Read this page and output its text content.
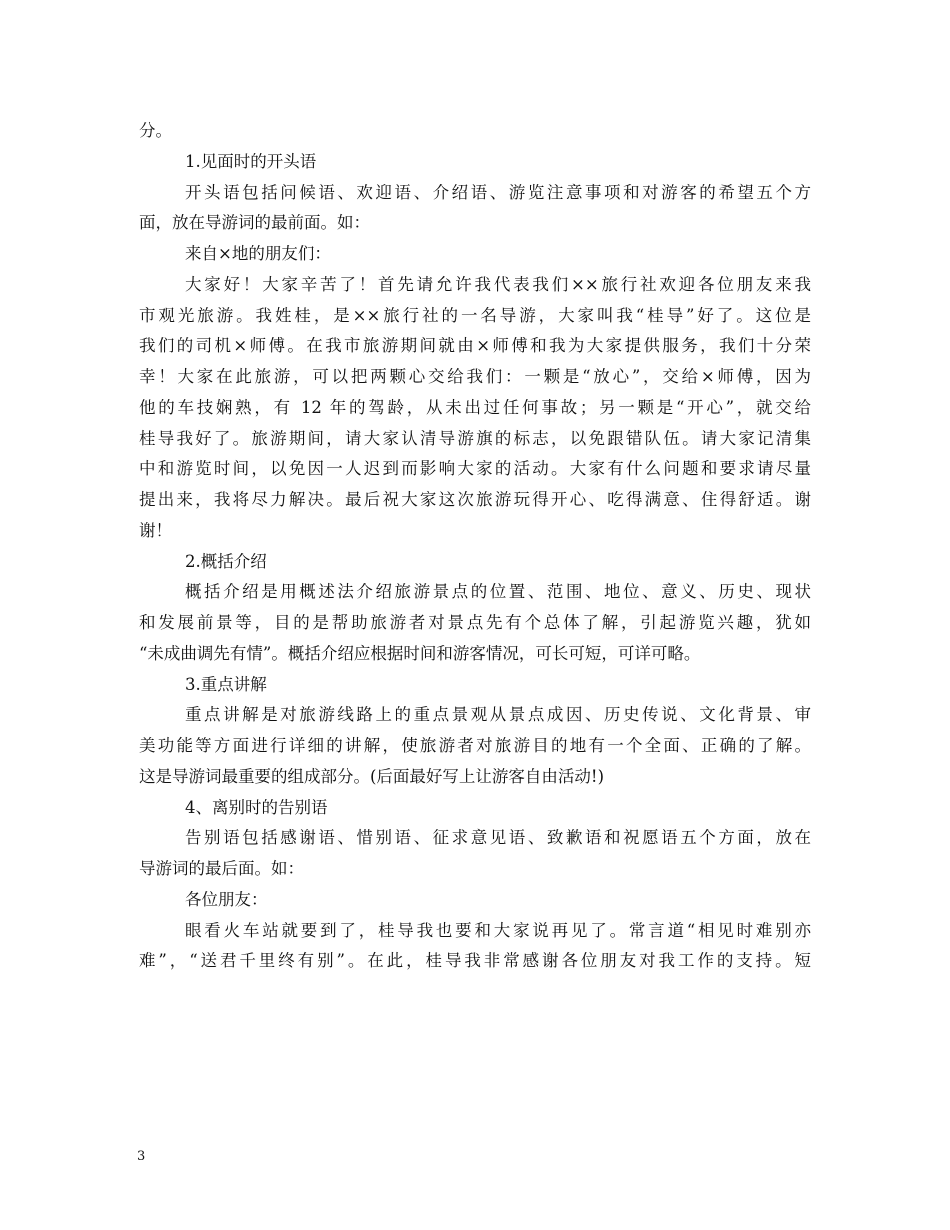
分。
1.见面时的开头语
开头语包括问候语、欢迎语、介绍语、游览注意事项和对游客的希望五个方
面，放在导游词的最前面。如：
来自×地的朋友们：
大家好！大家辛苦了！首先请允许我代表我们××旅行社欢迎各位朋友来我
市观光旅游。我姓桂，是××旅行社的一名导游，大家叫我“桂导”好了。这位是
我们的司机×师傅。在我市旅游期间就由×师傅和我为大家提供服务，我们十分荣
幸！大家在此旅游，可以把两颗心交给我们：一颗是“放心”，交给×师傅，因为
他的车技娴熟，有 12 年的驾龄，从未出过任何事故；另一颗是“开心”，就交给
桂导我好了。旅游期间，请大家认清导游旗的标志，以免跟错队伍。请大家记清集
中和游览时间，以免因一人迟到而影响大家的活动。大家有什么问题和要求请尽量
提出来，我将尽力解决。最后祝大家这次旅游玩得开心、吃得满意、住得舒适。谢
谢！
2.概括介绍
概括介绍是用概述法介绍旅游景点的位置、范围、地位、意义、历史、现状
和发展前景等，目的是帮助旅游者对景点先有个总体了解，引起游览兴趣，犹如
“未成曲调先有情”。概括介绍应根据时间和游客情况，可长可短，可详可略。
3.重点讲解
重点讲解是对旅游线路上的重点景观从景点成因、历史传说、文化背景、审
美功能等方面进行详细的讲解，使旅游者对旅游目的地有一个全面、正确的了解。
这是导游词最重要的组成部分。(后面最好写上让游客自由活动!)
4、离别时的告别语
告别语包括感谢语、惜别语、征求意见语、致歉语和祝愿语五个方面，放在
导游词的最后面。如：
各位朋友：
眼看火车站就要到了，桂导我也要和大家说再见了。常言道“相见时难别亦
难”，“送君千里终有别”。在此，桂导我非常感谢各位朋友对我工作的支持。短
3
